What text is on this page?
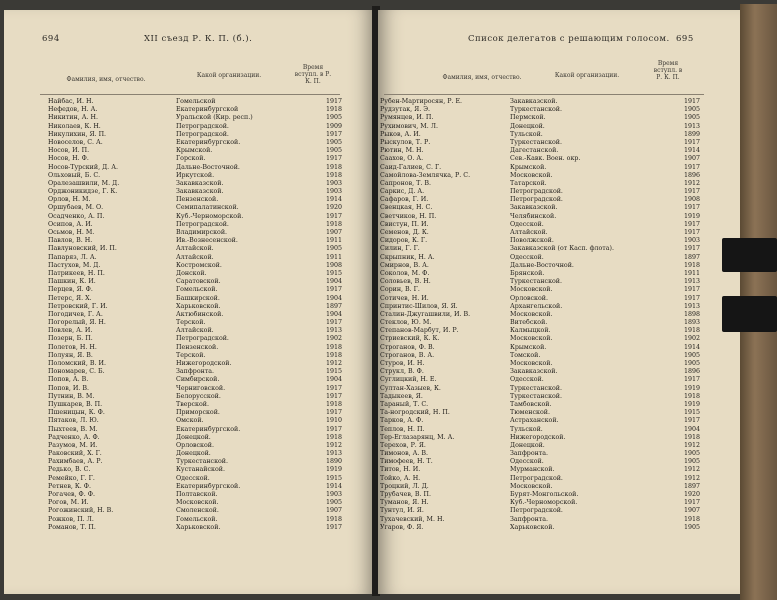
694	XII съезд Р. К. П. (б.).
Фамилия, имя, отчество.
Какой организации.
Время вступл. в Р. К. П.
Найбас, И. Н.	Гомельской	1917
Нефедов, Н. А.	Екатеринбургской	1918
Никитин, А. Н.	Уральской (Кир. респ.)	1905
Николаев, К. Н.	Петроградской.	1909
Никулихин, Я. П.	Петроградской.	1917
Новоселов, С. А.	Екатеринбургской.	1905
Носов, И. П.	Крымской.	1905
Носов, Н. Ф.	Горской.	1917
Носов-Турский, Д. А.	Дальне-Восточной.	1918
Ольховый, Б. С.	Иркутской.	1918
Оралезашвили, М. Д.	Закавказской.	1903
Орджоникидзе, Г. К.	Закавказской.	1903
Орлов, Н. М.	Пензенской.	1914
Оршубаев, М. О.	Семипалатинской.	1920
Осадченко, А. П.	Куб.-Черноморской.	1917
Осипов, А. И.	Петроградской.	1918
Осьмов, Н. М.	Владимирской.	1907
Павлов, В. Н.	Ив.-Вознесенской.	1911
Павлуновский, И. П.	Алтайской.	1905
Папаряз, Л. А.	Алтайской.	1911
Пастухов, М. Д.	Костромской.	1908
Патрикеев, Н. П.	Донской.	1915
Пашкин, К. И.	Саратовской.	1904
Перцев, Я. Ф.	Гомельской.	1917
Петерс, Я. Х.	Башкирской.	1904
Петровский, Г. И.	Харьковской.	1897
Погодичев, Г. А.	Актюбинской.	1904
Погорелый, Я. Н.	Терской.	1917
Повлев, А. И.	Алтайской.	1913
Позерн, Б. П.	Петроградской.	1902
Полетов, Н. Н.	Пензенской.	1918
Полуян, Я. В.	Терской.	1918
Поломский, В. И.	Нижегородской.	1912
Пономарев, С. Б.	Запфронта.	1915
Попов, А. В.	Симбирской.	1904
Попов, И. В.	Черниговской.	1917
Путнин, В. М.	Белорусской.	1917
Пушкарев, В. П.	Тверской.	1918
Пшеницын, К. Ф.	Приморской.	1917
Пятаков, Л. Ю.	Омской.	1910
Пыхтеев, В. М.	Екатеринбургской.	1917
Радченко, А. Ф.	Донецкой.	1918
Разумов, М. И.	Орловской.	1912
Раковский, Х. Г.	Донецкой.	1913
Рахимбаев, А. Р.	Туркестанской.	1890
Редько, В. С.	Кустанайской.	1919
Ремейко, Г. Г.	Одесской.	1915
Ретнев, К. Ф.	Екатеринбургской.	1914
Рогачев, Ф. Ф.	Полтавской.	1903
Рогов, М. И.	Московской.	1905
Рогожинский, Н. В.	Смоленской.	1907
Рожков, П. Л.	Гомельской.	1918
Романов, Т. П.	Харьковской.	1917
Список делегатов с решающим голосом. 695
Фамилия, имя, отчество.	Какой организации.
Время вступл. в Р. К. П.
Рубен-Мартиросян, Р. Е.	Закавказской.	1917
Рудзутак, Я. Э.	Туркестанской.	1905
Румянцев, И. П.	Пермской.	1905
Рухимович, М. Л.	Донецкой.	1913
Рыков, А. И.	Тульской.	1899
Рыскулов, Т. Р.	Туркестанской.	1917
Рютин, М. Н.	Дагестанской.	1914
Саахов, О. А.	Сев.-Кавк. Воен. окр.	1907
Саид-Галиев, С. Г.	Крымской.	1917
Самойлова-Землячка, Р. С.	Московской.	1896
Сапронов, Т. В.	Татарской.	1912
Саркис, Д. А.	Петроградской.	1917
Сафаров, Г. И.	Петроградской.	1908
Свенцкая, Н. С.	Закавказской.	1917
Светчиков, Н. П.	Челябинской.	1919
Свистун, П. И.	Одесской.	1917
Семенов, Д. К.	Алтайской.	1917
Сидоров, К. Г.	Поволжской.	1903
Силин, Г. Г.	Закавказской (от Касп. флота).	1917
Скрыпник, Н. А.	Одесской.	1897
Смирнов, В. А.	Дальне-Восточной.	1918
Соколов, М. Ф.	Брянской.	1911
Соловьев, В. Н.	Туркестанской.	1913
Сорин, В. Г.	Московской.	1917
Сотичев, Н. И.	Орловской.	1917
Спринтис-Шилов, Я. Я.	Архангельской.	1913
Сталин-Джугашвили, И. В.	Московской.	1898
Стеклов, Ю. М.	Витебской.	1893
Степанов-Марбут, И. Р.	Калмыцкой.	1918
Стриевский, К. К.	Московской.	1902
Строганов, Ф. В.	Крымской.	1914
Строганов, В. А.	Томской.	1905
Стуров, И. Н.	Московской.	1905
Струкл, В. Ф.	Закавказской.	1896
Суглицкий, Н. Е.	Одесской.	1917
Султан-Хазыев, К.	Туркестанской.	1919
Тадыкеев, Я.	Туркестанской.	1918
Тараный, Т. С.	Тамбовской.	1919
Та-ногродский, Н. П.	Тюменской.	1915
Тарков, А. Ф.	Астраханской.	1917
Теплов, Н. П.	Тульской.	1904
Тер-Еглазарянц, М. А.	Нижегородской.	1918
Терехов, Р. Я.	Донецкой.	1912
Тимонов, А. В.	Запфронта.	1905
Тимофеев, Н. Т.	Одесской.	1905
Титов, Н. И.	Мурманской.	1912
Тойко, А. Н.	Петроградской.	1912
Троцкий, Л. Д.	Московской.	1897
Трубачев, В. П.	Бурят-Монгольской.	1920
Туманов, Я. Н.	Куб.-Черноморской.	1917
Тунтул, И. Я.	Петроградской.	1907
Тухачевский, М. Н.	Запфронта.	1918
Угаров, Ф. Я.	Харьковской.	1905
